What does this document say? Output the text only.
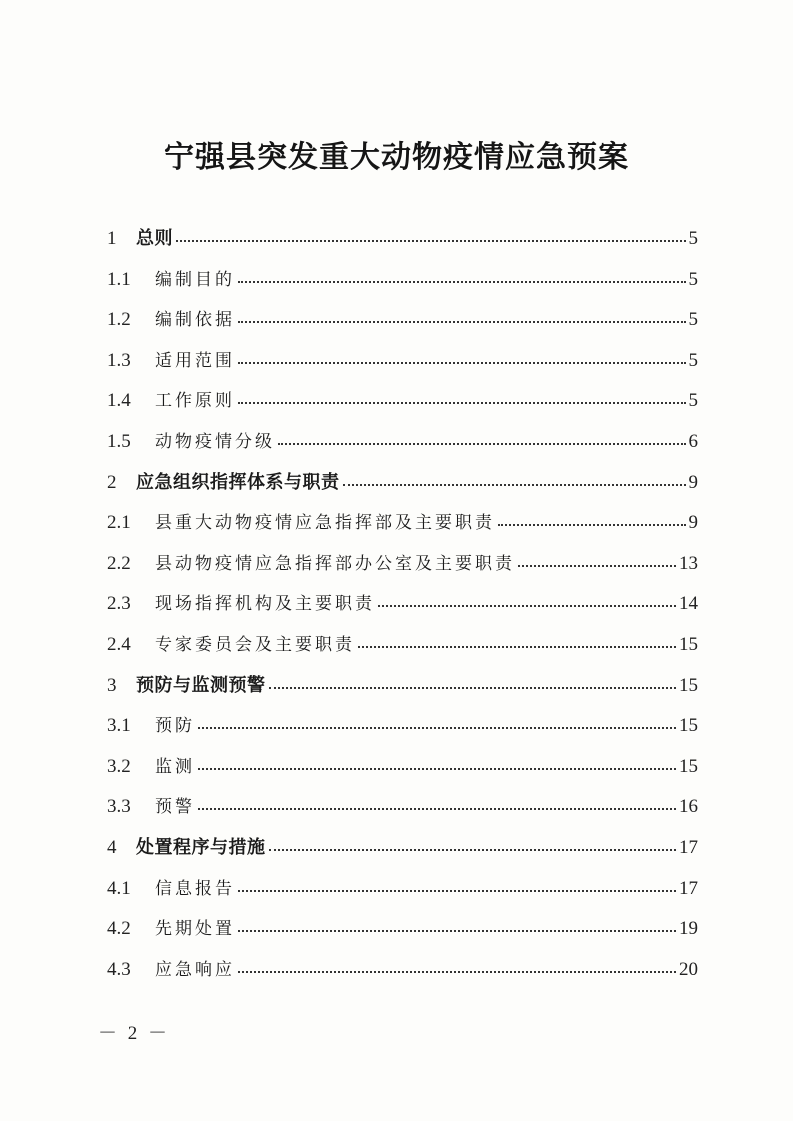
宁强县突发重大动物疫情应急预案
1	总则	5
1.1	编制目的	5
1.2	编制依据	5
1.3	适用范围	5
1.4	工作原则	5
1.5	动物疫情分级	6
2	应急组织指挥体系与职责	9
2.1	县重大动物疫情应急指挥部及主要职责	9
2.2	县动物疫情应急指挥部办公室及主要职责	13
2.3	现场指挥机构及主要职责	14
2.4	专家委员会及主要职责	15
3	预防与监测预警	15
3.1	预防	15
3.2	监测	15
3.3	预警	16
4	处置程序与措施	17
4.1	信息报告	17
4.2	先期处置	19
4.3	应急响应	20
－ 2 －
